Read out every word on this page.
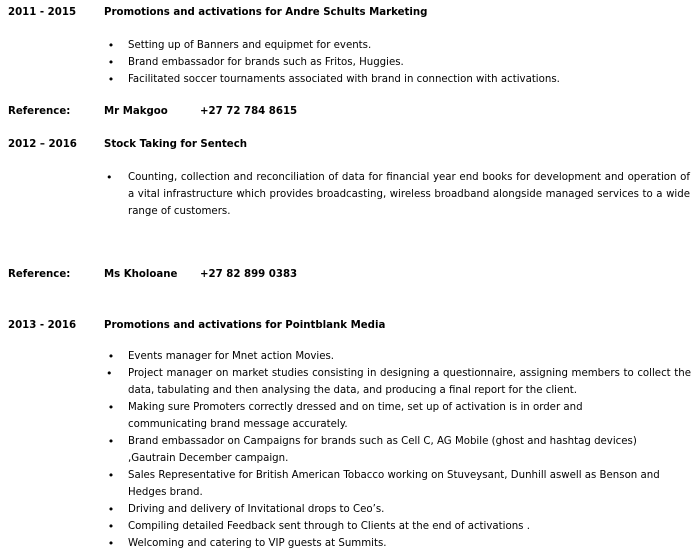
2011 - 2015	Promotions and activations for Andre Schults Marketing
• Setting up of Banners and equipmet for events.
• Brand embassador for brands such as Fritos, Huggies.
• Facilitated soccer tournaments associated with brand in connection with activations.
Reference:	Mr Makgoo	+27 72 784 8615
2012 – 2016	Stock Taking for Sentech
•	Counting, collection and reconciliation of data for financial year end books for development and operation of a vital infrastructure which provides broadcasting, wireless broadband alongside managed services to a wide range of customers.
Reference:	Ms Kholoane +27 82 899 0383
2013 - 2016	Promotions and activations for Pointblank Media
• Events manager for Mnet action Movies.
•	Project manager on market studies consisting in designing a questionnaire, assigning members to collect the data, tabulating and then analysing the data, and producing a final report for the client.
• Making sure Promoters correctly dressed and on time, set up of activation is in order and communicating brand message accurately.
• Brand embassador on Campaigns for brands such as Cell C, AG Mobile (ghost and hashtag devices) ,Gautrain December campaign.
• Sales Representative for British American Tobacco working on Stuveysant, Dunhill aswell as Benson and Hedges brand.
• Driving and delivery of Invitational drops to Ceo’s.
• Compiling detailed Feedback sent through to Clients at the end of activations .
• Welcoming and catering to VIP guests at Summits.
